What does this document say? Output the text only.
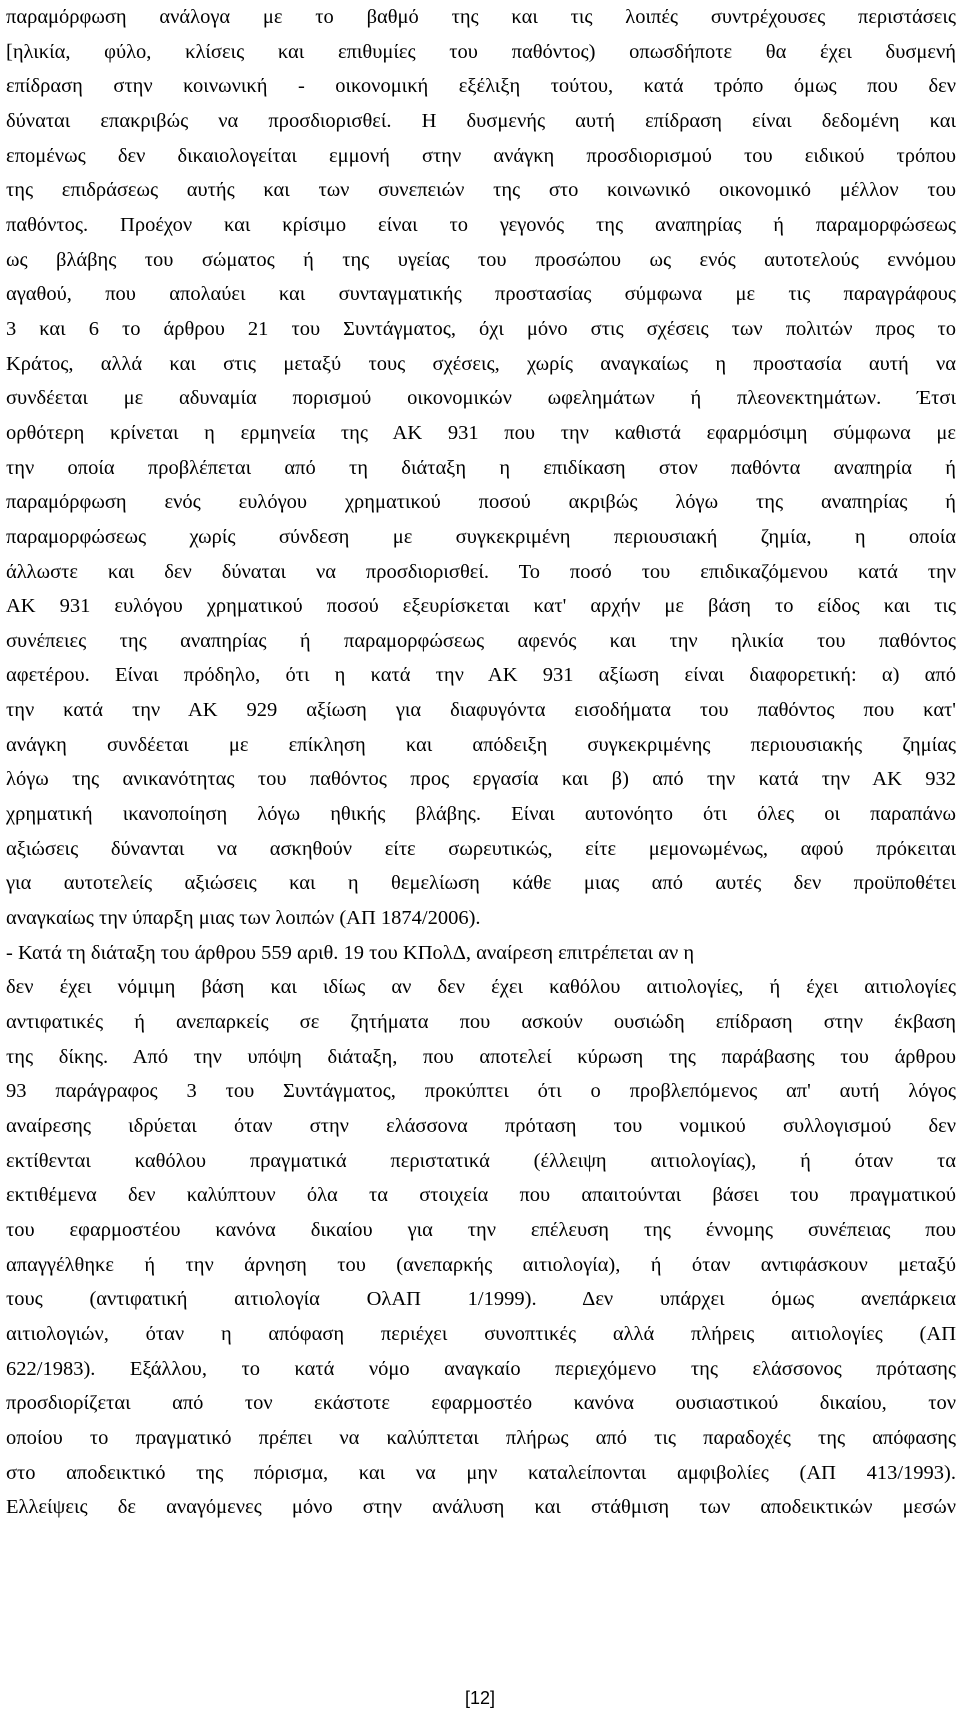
παραμόρφωση ανάλογα με το βαθμό της και τις λοιπές συντρέχουσες περιστάσεις
[ηλικία, φύλο, κλίσεις και επιθυμίες του παθόντος) οπωσδήποτε θα έχει δυσμενή
επίδραση στην κοινωνική - οικονομική εξέλιξη τούτου, κατά τρόπο όμως που δεν
δύναται επακριβώς να προσδιορισθεί. Η δυσμενής αυτή επίδραση είναι δεδομένη και
επομένως δεν δικαιολογείται εμμονή στην ανάγκη προσδιορισμού του ειδικού τρόπου
της επιδράσεως αυτής και των συνεπειών της στο κοινωνικό οικονομικό μέλλον του
παθόντος. Προέχον και κρίσιμο είναι το γεγονός της αναπηρίας ή παραμορφώσεως
ως βλάβης του σώματος ή της υγείας του προσώπου ως ενός αυτοτελούς εννόμου
αγαθού, που απολαύει και συνταγματικής προστασίας σύμφωνα με τις παραγράφους
3 και 6 το άρθρου 21 του Συντάγματος, όχι μόνο στις σχέσεις των πολιτών προς το
Κράτος, αλλά και στις μεταξύ τους σχέσεις, χωρίς αναγκαίως η προστασία αυτή να
συνδέεται με αδυναμία πορισμού οικονομικών ωφελημάτων ή πλεονεκτημάτων. Έτσι
ορθότερη κρίνεται η ερμηνεία της ΑΚ 931 που την καθιστά εφαρμόσιμη σύμφωνα με
την οποία προβλέπεται από τη διάταξη η επιδίκαση στον παθόντα αναπηρία ή
παραμόρφωση ενός ευλόγου χρηματικού ποσού ακριβώς λόγω της αναπηρίας ή
παραμορφώσεως χωρίς σύνδεση με συγκεκριμένη περιουσιακή ζημία, η οποία
άλλωστε και δεν δύναται να προσδιορισθεί. Το ποσό του επιδικαζόμενου κατά την
ΑΚ 931 ευλόγου χρηματικού ποσού εξευρίσκεται κατ' αρχήν με βάση το είδος και τις
συνέπειες της αναπηρίας ή παραμορφώσεως αφενός και την ηλικία του παθόντος
αφετέρου. Είναι πρόδηλο, ότι η κατά την ΑΚ 931 αξίωση είναι διαφορετική: α) από
την κατά την ΑΚ 929 αξίωση για διαφυγόντα εισοδήματα του παθόντος που κατ'
ανάγκη συνδέεται με επίκληση και απόδειξη συγκεκριμένης περιουσιακής ζημίας
λόγω της ανικανότητας του παθόντος προς εργασία και β) από την κατά την ΑΚ 932
χρηματική ικανοποίηση λόγω ηθικής βλάβης. Είναι αυτονόητο ότι όλες οι παραπάνω
αξιώσεις δύνανται να ασκηθούν είτε σωρευτικώς, είτε μεμονωμένως, αφού πρόκειται
για αυτοτελείς αξιώσεις και η θεμελίωση κάθε μιας από αυτές δεν προϋποθέτει
αναγκαίως την ύπαρξη μιας των λοιπών (ΑΠ 1874/2006).
- Κατά τη διάταξη του άρθρου 559 αριθ. 19 του ΚΠολΔ, αναίρεση επιτρέπεται αν η
δεν έχει νόμιμη βάση και ιδίως αν δεν έχει καθόλου αιτιολογίες, ή έχει αιτιολογίες
αντιφατικές ή ανεπαρκείς σε ζητήματα που ασκούν ουσιώδη επίδραση στην έκβαση
της δίκης. Από την υπόψη διάταξη, που αποτελεί κύρωση της παράβασης του άρθρου
93 παράγραφος 3 του Συντάγματος, προκύπτει ότι ο προβλεπόμενος απ' αυτή λόγος
αναίρεσης ιδρύεται όταν στην ελάσσονα πρόταση του νομικού συλλογισμού δεν
εκτίθενται καθόλου πραγματικά περιστατικά (έλλειψη αιτιολογίας), ή όταν τα
εκτιθέμενα δεν καλύπτουν όλα τα στοιχεία που απαιτούνται βάσει του πραγματικού
του εφαρμοστέου κανόνα δικαίου για την επέλευση της έννομης συνέπειας που
απαγγέλθηκε ή την άρνηση του (ανεπαρκής αιτιολογία), ή όταν αντιφάσκουν μεταξύ
τους (αντιφατική αιτιολογία ΟλΑΠ 1/1999). Δεν υπάρχει όμως ανεπάρκεια
αιτιολογιών, όταν η απόφαση περιέχει συνοπτικές αλλά πλήρεις αιτιολογίες (ΑΠ
622/1983). Εξάλλου, το κατά νόμο αναγκαίο περιεχόμενο της ελάσσονος πρότασης
προσδιορίζεται από τον εκάστοτε εφαρμοστέο κανόνα ουσιαστικού δικαίου, τον
οποίου το πραγματικό πρέπει να καλύπτεται πλήρως από τις παραδοχές της απόφασης
στο αποδεικτικό της πόρισμα, και να μην καταλείπονται αμφιβολίες (ΑΠ 413/1993).
Ελλείψεις δε αναγόμενες μόνο στην ανάλυση και στάθμιση των αποδεικτικών μεσών
[12]
